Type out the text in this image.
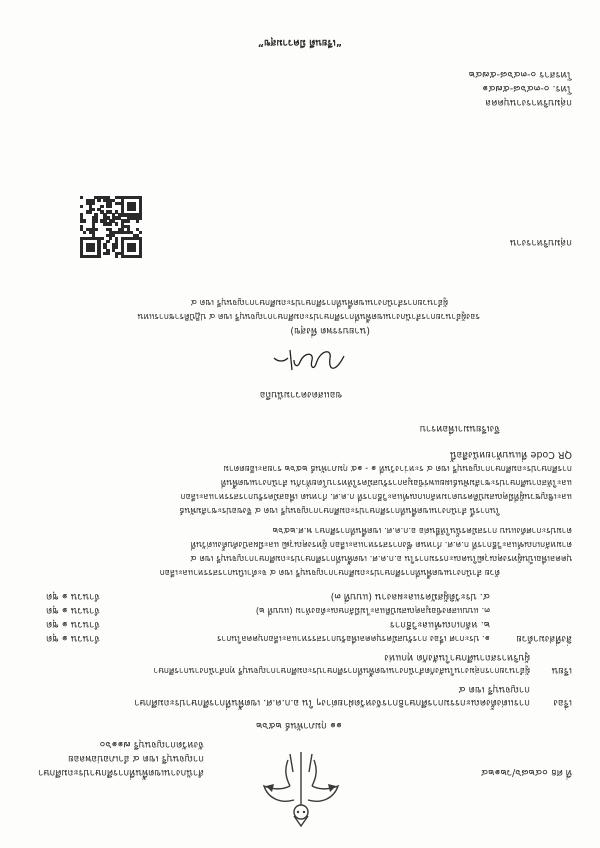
ที่ ศธ ๐๔๒๘๖/ว๒๑๒๔
สำนักงานเขตพื้นที่การศึกษาประถมศึกษา
กาญจนบุรี เขต ๔ อำเภอบ่อพลอย
จังหวัดกาญจนบุรี ๗๑๑๖๐
๑๑ กุมภาพันธ์ ๒๕๖๒
เรื่อง
การแต่งตั้งคณะกรรมการศึกษาธิการจังหวัดฝ่ายต่างๆ ใน อ.ก.ค.ศ. เขตพื้นที่การศึกษาประถมศึกษา
กาญจนบุรี เขต ๔
เรียน
ผู้อำนวยการกลุ่มงานในสังกัดสำนักงานเขตพื้นที่การศึกษาประถมศึกษากาญจนบุรี ทุกสำนักงานการศึกษา
ผู้บริหารสถานศึกษาในสังกัด ทุกแห่ง
สิ่งที่ส่งมาด้วย
๑. ประกาศ เรื่อง การรับสมัครบุคคลเพื่อรับการสรรหาและเลือกบุคคลในการ
จำนวน ๑ ชุด
๒. หลักเกณฑ์และวิธีการ
จำนวน ๑ ชุด
๓. แบบแสดงข้อมูลคุณสมบัติและไม่มีลักษณะต้องห้าม (แบบที่ ๒)
จำนวน ๑ ชุด
๔. ประวัติผู้สมัครและผลงาน (แบบที่ ๓)
จำนวน ๑ ชุด
ด้วย สำนักงานเขตพื้นที่การศึกษาประถมศึกษากาญจนบุรี เขต ๔ จะดำเนินการสรรหาและเลือก
บุคคลเพื่อเป็นผู้ทรงคุณวุฒิในคณะกรรมการใน อ.ก.ค.ศ. เขตพื้นที่การศึกษาประถมศึกษากาญจนบุรี เขต ๔
ตามหลักเกณฑ์และวิธีการที่ ก.ค.ศ. กำหนด ซึ่งการสรรหาและเลือก ผู้ทรงคุณวุฒิ และมีผลบังคับตั้งแต่วันที่
ตามประกาศดังแนบ การสมัครนั้นให้ยื่นต่อ อ.ก.ค.ศ. เขตพื้นที่การศึกษา พ.ศ.๒๕๖๒
ในการนี้ สำนักงานเขตพื้นที่การศึกษาประถมศึกษากาญจนบุรี เขต ๔ จึงขอประชาสัมพันธ์
และเชิญชวนผู้ที่มีคุณสมบัติครบตามหลักเกณฑ์และวิธีการที่ ก.ค.ศ. กำหนด เพื่อสมัครรับการสรรหาและเลือก
และให้สถานศึกษาประชาสัมพันธ์เผยแพร่ข้อมูลการรับสมัครให้ทราบโดยทั่วกัน สำนักงานเขตพื้นที่
การศึกษาประถมศึกษากาญจนบุรี เขต ๔ ระหว่างวันที่ ๑ - ๑๕ กุมภาพันธ์ ๒๕๖๒ รายละเอียดตาม
QR Code ที่แนบท้ายหนังสือนี้
จึงเรียนมาเพื่อทราบ
ขอแสดงความนับถือ
(นายบรรพต พึ่งสุข)
รองผู้อำนวยการสำนักงานเขตพื้นที่การศึกษาประถมศึกษากาญจนบุรี เขต ๔ ปฏิบัติราชการแทน
ผู้อำนวยการสำนักงานเขตพื้นที่การศึกษาประถมศึกษากาญจนบุรี เขต ๔
กลุ่มบริหารงาน
กลุ่มบริหารงานบุคคล
โทร. ๐-๓๔๖๘-๕๗๔๑
โทรสาร ๐-๓๔๖๘-๕๗๔๒
“เรียนดี มีความสุข”
